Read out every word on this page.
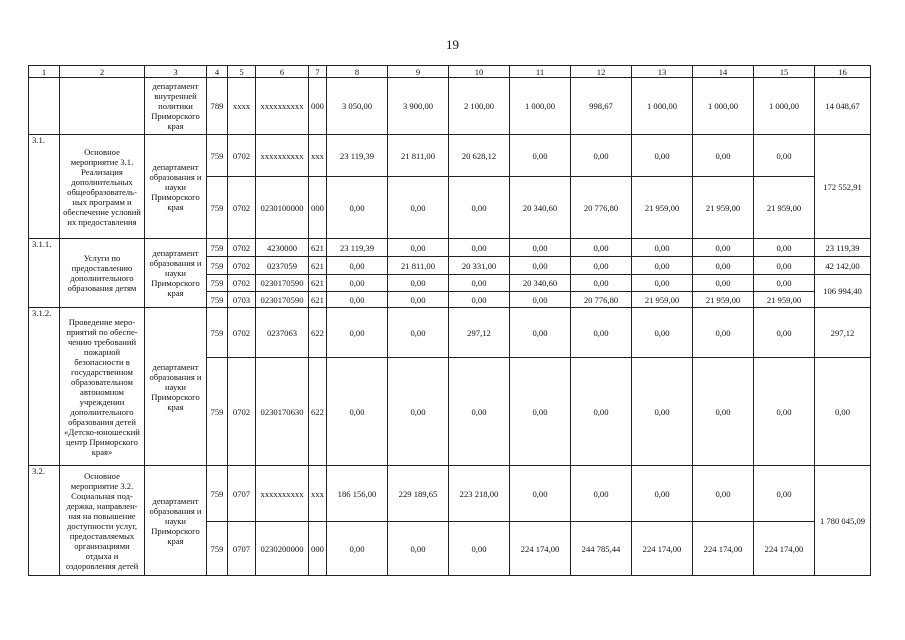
19
1	2	3	4	5	6	7	8	9	10	11	12	13	14	15	16
		департамент внутренней политики Приморского края	789	xxxx	xxxxxxxxxx	000	3 050,00	3 900,00	2 100,00	1 000,00	998,67	1 000,00	1 000,00	1 000,00	14 048,67
3.1.	Основное мероприятие 3.1. Реализация дополнительных общеобразователь-ных программ и обеспечение условий их предоставления	департамент образования и науки Приморского края	759	0702	xxxxxxxxxx	xxx	23 119,39	21 811,00	20 628,12	0,00	0,00	0,00	0,00	0,00	172 552,91
			759	0702	0230100000	000	0,00	0,00	0,00	20 340,60	20 776,80	21 959,00	21 959,00	21 959,00	
3.1.1.	Услуги по предоставлению дополнительного образования детям	департамент образования и науки Приморского края	759	0702	4230000	621	23 119,39	0,00	0,00	0,00	0,00	0,00	0,00	0,00	23 119,39
			759	0702	0237059	621	0,00	21 811,00	20 331,00	0,00	0,00	0,00	0,00	0,00	42 142,00
			759	0702	0230170590	621	0,00	0,00	0,00	20 340,60	0,00	0,00	0,00	0,00	106 994,40
			759	0703	0230170590	621	0,00	0,00	0,00	0,00	20 776,80	21 959,00	21 959,00	21 959,00	
3.1.2.	Проведение меро-приятий по обеспе-чению требований пожарной безопасности в государственном образовательном автономном учреждении дополнительного образования детей «Детско-юношеский центр Приморского края»	департамент образования и науки Приморского края	759	0702	0237063	622	0,00	0,00	297,12	0,00	0,00	0,00	0,00	0,00	297,12
			759	0702	0230170630	622	0,00	0,00	0,00	0,00	0,00	0,00	0,00	0,00	0,00
3.2.	Основное мероприятие 3.2. Социальная под-держка, направлен-ная на повышение доступности услуг, предоставляемых организациями отдыха и оздоровления детей	департамент образования и науки Приморского края	759	0707	xxxxxxxxxx	xxx	186 156,00	229 189,65	223 218,00	0,00	0,00	0,00	0,00	0,00	1 780 045,09
			759	0707	0230200000	000	0,00	0,00	0,00	224 174,00	244 785,44	224 174,00	224 174,00	224 174,00	
